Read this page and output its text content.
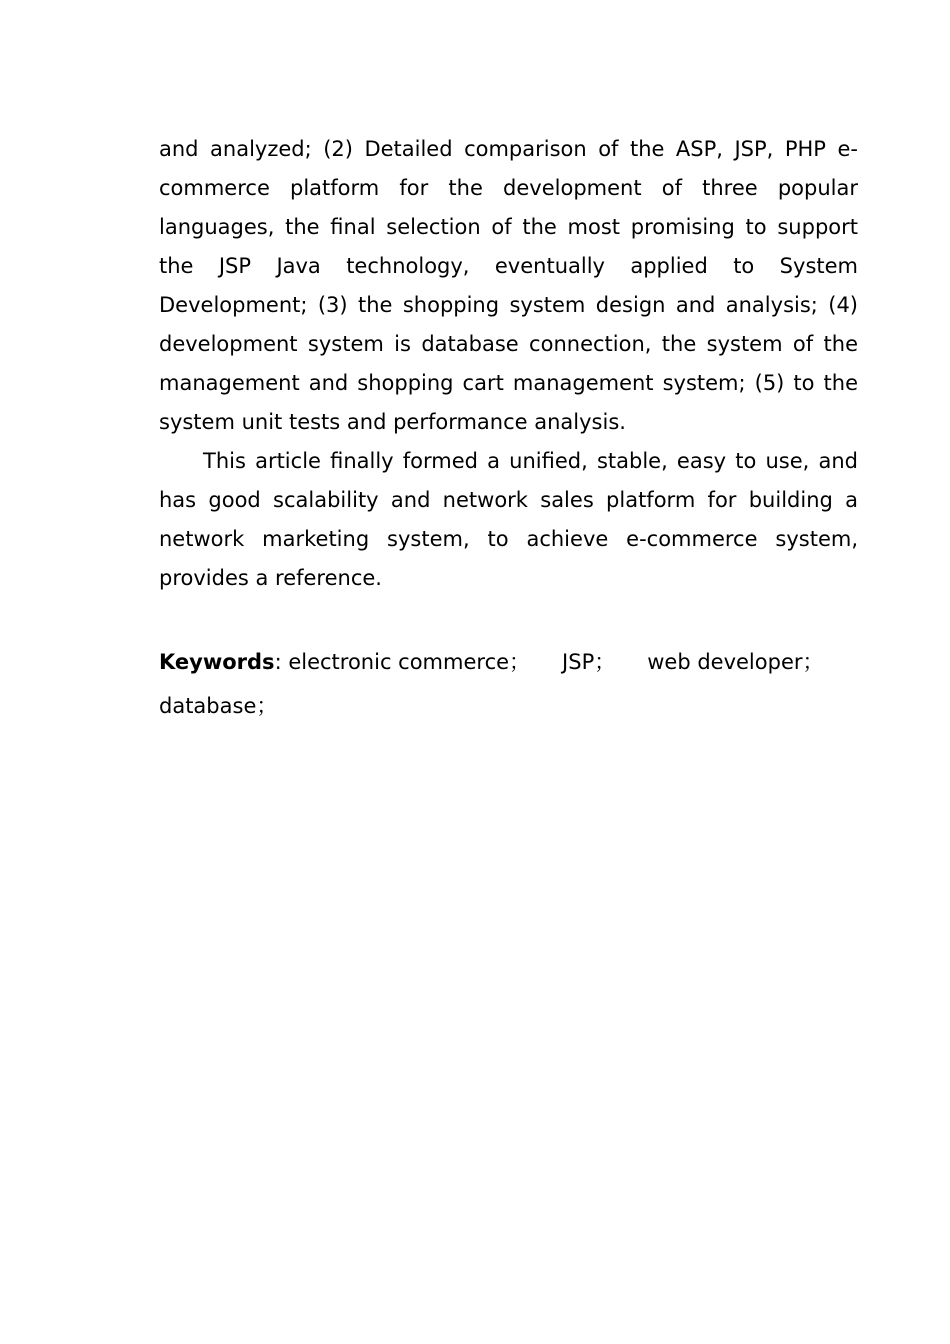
and analyzed; (2) Detailed comparison of the ASP, JSP, PHP e-commerce platform for the development of three popular languages, the final selection of the most promising to support the JSP Java technology, eventually applied to System Development; (3) the shopping system design and analysis; (4) development system is database connection, the system of the management and shopping cart management system; (5) to the system unit tests and performance analysis.

This article finally formed a unified, stable, easy to use, and has good scalability and network sales platform for building a network marketing system, to achieve e-commerce system, provides a reference.

Keywords: electronic commerce； JSP； web developer； database；
